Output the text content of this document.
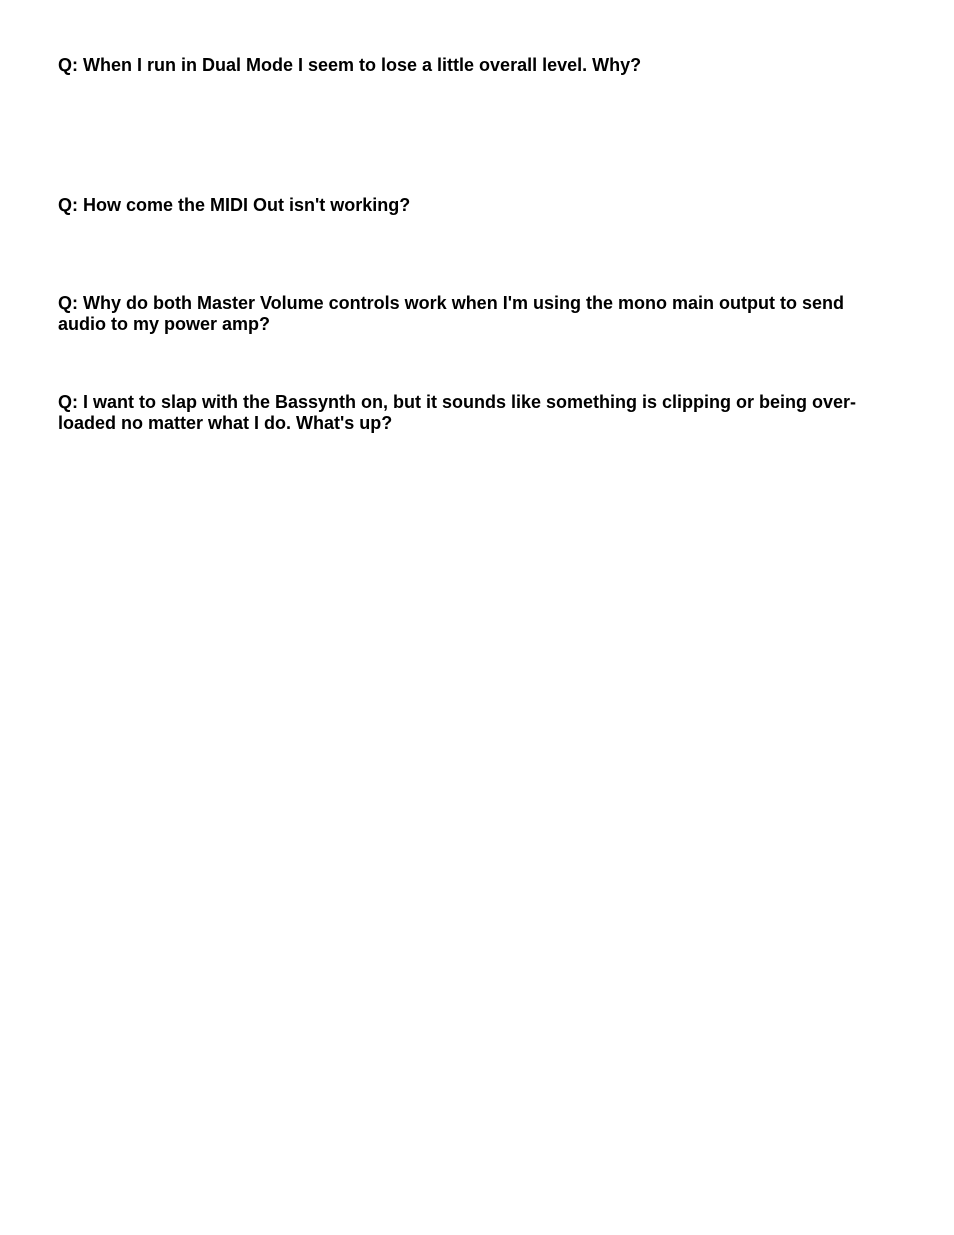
Q: When I run in Dual Mode I seem to lose a little overall level. Why?

Q: How come the MIDI Out isn't working?

Q: Why do both Master Volume controls work when I'm using the mono main output to send audio to my power amp?

Q: I want to slap with the Bassynth on, but it sounds like something is clipping or being over-loaded no matter what I do. What's up?
